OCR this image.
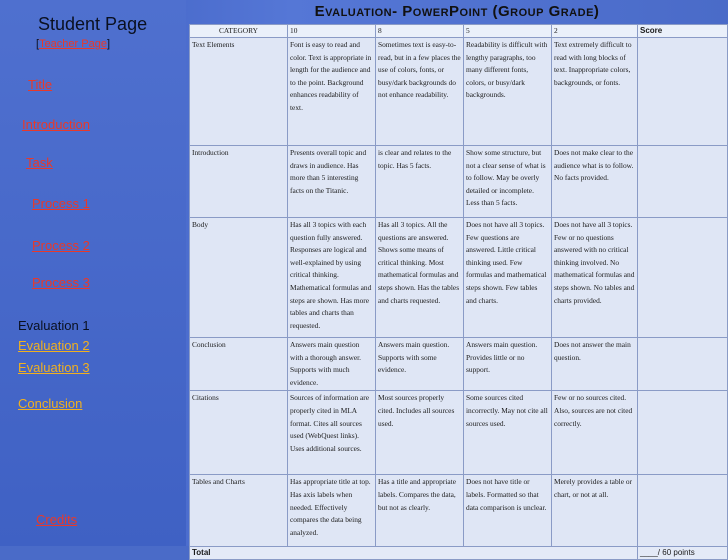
Student Page
[Teacher Page]
Title
Introduction
Task
Process 1
Process 2
Process 3
Evaluation 1
Evaluation 2
Evaluation 3
Conclusion
Credits
Evaluation- PowerPoint (Group Grade)
CATEGORY	10	8	5	2	Score
Text Elements	Font is easy to read and color. Text is appropriate in length for the audience and to the point. Background enhances readability of text.	Sometimes text is easy-to-read, but in a few places the use of colors, fonts, or busy/dark backgrounds do not enhance readability.	Readability is difficult with lengthy paragraphs, too many different fonts, colors, or busy/dark backgrounds.	Text extremely difficult to read with long blocks of text. Inappropriate colors, backgrounds, or fonts.	
Introduction	Presents overall topic and draws in audience. Has more than 5 interesting facts on the Titanic.	is clear and relates to the topic. Has 5 facts.	Show some structure, but not a clear sense of what is to follow. May be overly detailed or incomplete. Less than 5 facts.	Does not make clear to the audience what is to follow. No facts provided.	
Body	Has all 3 topics with each question fully answered. Responses are logical and well-explained by using critical thinking. Mathematical formulas and steps are shown. Has more tables and charts than requested.	Has all 3 topics. All the questions are answered. Shows some means of critical thinking. Most mathematical formulas and steps shown. Has the tables and charts requested.	Does not have all 3 topics. Few questions are answered. Little critical thinking used. Few formulas and mathematical steps shown. Few tables and charts.	Does not have all 3 topics. Few or no questions answered with no critical thinking involved. No mathematical formulas and steps shown. No tables and charts provided.	
Conclusion	Answers main question with a thorough answer. Supports with much evidence.	Answers main question. Supports with some evidence.	Answers main question. Provides little or no support.	Does not answer the main question.	
Citations	Sources of information are properly cited in MLA format. Cites all sources used (WebQuest links). Uses additional sources.	Most sources properly cited. Includes all sources used.	Some sources cited incorrectly. May not cite all sources used.	Few or no sources cited. Also, sources are not cited correctly.	
Tables and Charts	Has appropriate title at top. Has axis labels when needed. Effectively compares the data being analyzed.	Has a title and appropriate labels. Compares the data, but not as clearly.	Does not have title or labels. Formatted so that data comparison is unclear.	Merely provides a table or chart, or not at all.	
Total					____/ 60 points
